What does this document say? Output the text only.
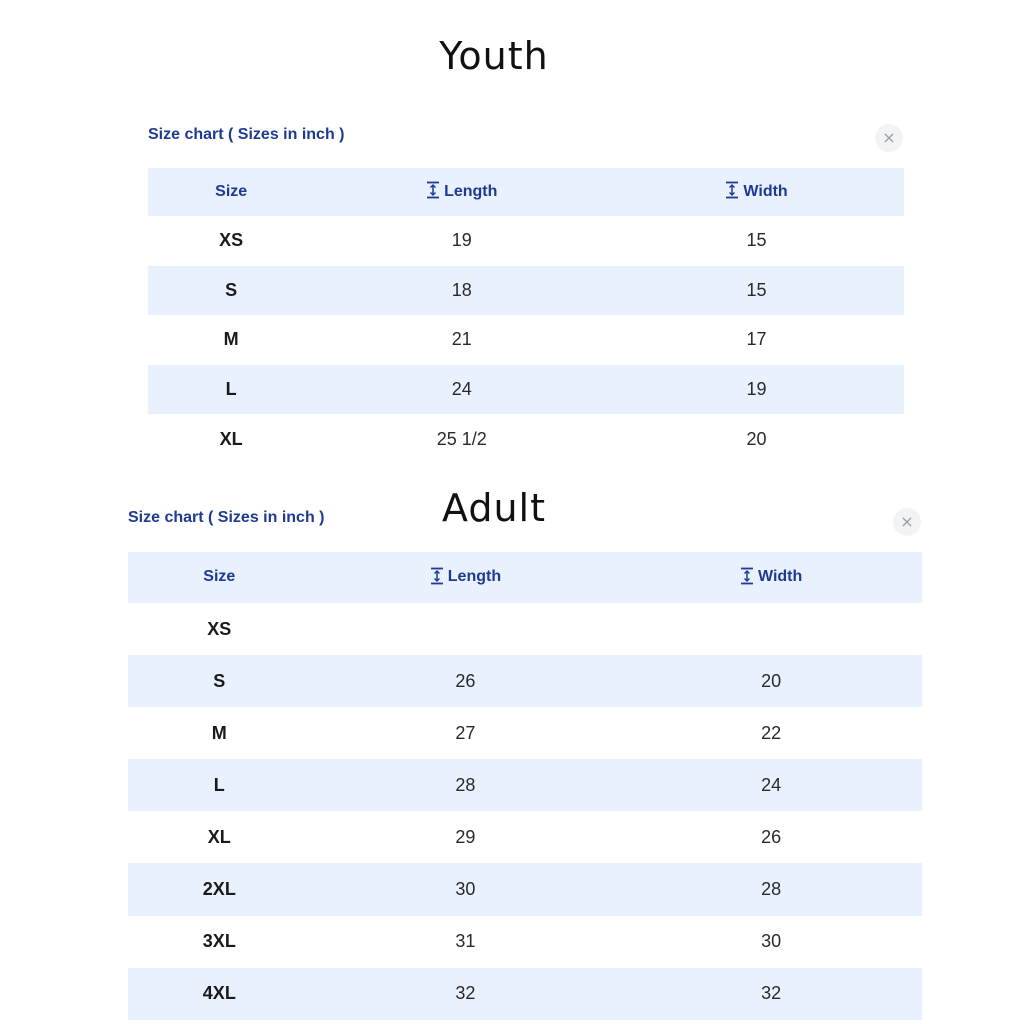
Youth
Size chart ( Sizes in inch )	×
Size	Length	Width
XS	19	15
S	18	15
M	21	17
L	24	19
XL	25 1/2	20
Size chart ( Sizes in inch )	×
Size	Length	Width
XS		
S	26	20
M	27	22
L	28	24
XL	29	26
2XL	30	28
3XL	31	30
4XL	32	32
Adult
